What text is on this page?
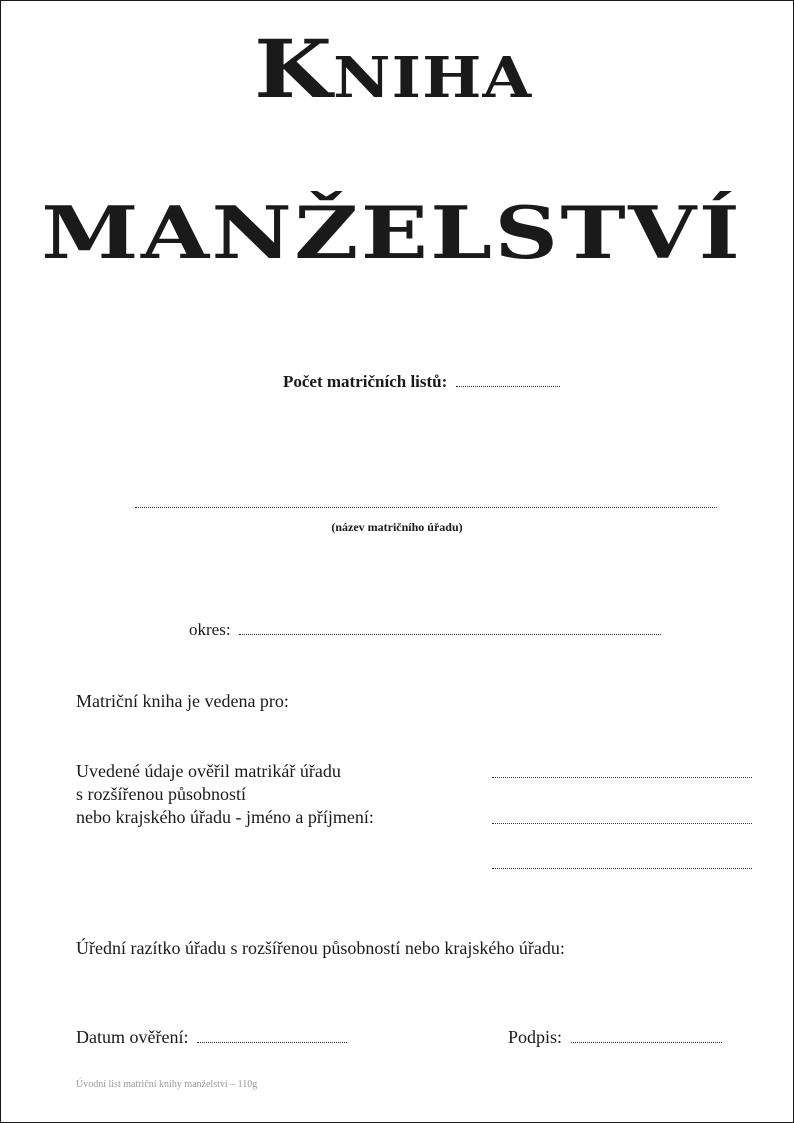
Kniha
MANŽELSTVÍ
Počet matričních listů:
(název matričního úřadu)
okres:
Matriční kniha je vedena pro:
Uvedené údaje ověřil matrikář úřadu
s rozšířenou působností
nebo krajského úřadu - jméno a příjmení:
Úřední razítko úřadu s rozšířenou působností nebo krajského úřadu:
Datum ověření:	Podpis:
Úvodní list matriční knihy manželství – 110g
